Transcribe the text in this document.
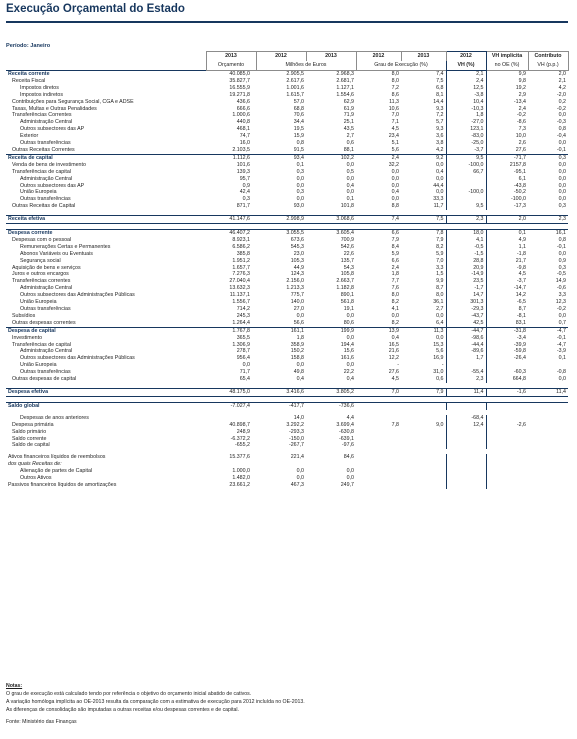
Execução Orçamental do Estado
Período: Janeiro
	2013	2012	2013	2012	2013	2012
VH (%)	VH implícita	Contributo
	Orçamento	Milhões de Euros		Grau de Execução (%)			no OE (%)	VH (p.p.)
Receita corrente	40.085,0	2.905,5	2.968,3	8,0	7,4	2,1	9,9	2,0
Receita Fiscal	35.827,7	2.617,6	2.681,7	8,0	7,5	2,4	9,8	2,1
Impostos diretos	16.555,9	1.001,6	1.127,1	7,2	6,8	12,5	19,2	4,2
Impostos indiretos	19.271,8	1.615,7	1.554,6	8,6	8,1	-3,8	2,9	-2,0
Contribuições para Segurança Social, CGA e ADSE	436,6	57,0	62,9	11,3	14,4	10,4	-13,4	0,2
Taxas, Multas e Outras Penalidades	666,6	68,8	61,9	10,6	9,3	-10,3	2,4	-0,2
Transferências Correntes	1.000,6	70,6	71,9	7,0	7,2	1,8	-0,2	0,0
Administração Central	440,8	34,4	25,1	7,1	5,7	-27,0	-8,6	-0,3
Outros subsectores das AP	468,1	19,5	43,5	4,5	9,3	123,1	7,3	0,8
Exterior	74,7	15,9	2,7	23,4	3,6	-83,0	10,0	-0,4
Outras transferências	16,0	0,8	0,6	5,1	3,8	-25,0	2,6	0,0
Outras Receitas Correntes	2.103,5	91,5	88,1	5,6	4,2	-3,7	27,6	-0,1
Receita de capital	1.112,6	93,4	102,2	2,4	9,2	9,5	-71,7	0,3
Venda de bens de investimento	101,6	0,1	0,0	32,2	0,0	-100,0	2157,8	0,0
Transferências de capital	139,3	0,3	0,5	0,0	0,4	66,7	-95,1	0,0
Administração Central	95,7	0,0	0,0	0,0	0,0		6,1	0,0
Outros subsectores das AP	0,9	0,0	0,4	0,0	44,4		-43,8	0,0
União Europeia	42,4	0,3	0,0	0,4	0,0	-100,0	-50,2	0,0
Outras transferências	0,3	0,0	0,1	0,0	33,3		-100,0	0,0
Outras Receitas de Capital	871,7	93,0	101,8	8,8	11,7	9,5	-17,3	0,3

Receita efetiva	41.147,6	2.998,9	3.068,6	7,4	7,5	2,3	2,0	2,3

Despesa corrente	46.407,2	3.055,5	3.605,4	6,6	7,8	18,0	0,1	16,1
Despesas com o pessoal	8.923,1	673,6	700,9	7,9	7,9	4,1	4,9	0,8
Remunerações Certas e Permanentes	6.586,2	545,3	542,6	8,4	8,2	-0,5	1,1	-0,1
Abonos Variáveis ou Eventuais	385,8	23,0	22,6	5,9	5,9	-1,5	-1,8	0,0
Segurança social	1.951,2	105,3	135,7	6,6	7,0	28,8	21,7	0,9
Aquisição de bens e serviços	1.657,7	44,9	54,3	2,4	3,3	20,9	-9,8	0,3
Juros e outros encargos	7.276,3	124,3	105,8	1,8	1,5	-14,9	4,5	-0,5
Transferências correntes	27.040,4	2.156,0	2.663,7	7,7	9,9	23,5	-3,7	14,9
Administração Central	13.632,3	1.213,3	1.182,8	7,6	8,7	-1,7	-14,7	-0,6
Outros subsectores das Administrações Públicas	11.137,1	775,7	890,1	8,0	8,0	14,7	14,2	3,3
União Europeia	1.556,7	140,0	561,8	8,2	36,1	301,3	-6,5	12,3
Outras transferências	714,2	27,0	19,1	4,1	2,7	-29,3	8,7	-0,2
Subsídios	245,3	0,0	0,0	0,0	0,0	-43,7	-8,1	0,0
Outras despesas correntes	1.264,4	56,6	80,6	8,2	6,4	42,5	83,1	0,7
Despesa de capital	1.767,8	161,1	199,9	13,9	11,3	-44,7	-31,8	-4,7
Investimento	365,5	1,8	0,0	0,4	0,0	-98,6	-3,4	-0,1
Transferências de capital	1.306,9	358,9	194,4	16,5	15,3	-44,4	-39,9	-4,7
Administração Central	278,7	150,2	15,6	21,6	5,6	-89,6	-59,8	-3,9
Outros subsectores das Administrações Públicas	956,4	158,8	161,6	12,2	16,9	1,7	-26,4	0,1
União Europeia	0,0	0,0	0,0	-	-			
Outras transferências	71,7	49,8	22,2	27,6	31,0	-55,4	-60,3	-0,8
Outras despesas de capital	65,4	0,4	0,4	4,5	0,6	2,3	664,8	0,0

Despesa efetiva	48.175,0	3.416,6	3.805,2	7,0	7,9	11,4	-1,6	11,4

Saldo global	-7.027,4	-417,7	-736,6					

Despesas de anos anteriores		14,0	4,4			-68,4		
Despesa primária	40.898,7	3.292,2	3.699,4	7,8	9,0	12,4	-2,6	
Saldo primário	248,9	-293,3	-630,8					
Saldo corrente	-6.372,2	-150,0	-639,1					
Saldo de capital	-655,2	-267,7	-97,6					

Ativos financeiros líquidos de reembolsos	15.377,6	221,4	84,6					
dos quais Receitas de:								
Alienação de partes de Capital	1.000,0	0,0	0,0					
Outros Ativos	1.482,0	0,0	0,0					
Passivos financeiros líquidos de amortizações	23.661,2	467,3	249,7					
Notas:
O grau de execução está calculado tendo por referência o objetivo do orçamento inicial abatido de cativos.
A variação homóloga implícita ao OE-2013 resulta da comparação com a estimativa de execução para 2012 incluída no OE-2013.
As diferenças de consolidação são imputadas a outras receitas e/ou despesas correntes e de capital.
Fonte: Ministério das Finanças
